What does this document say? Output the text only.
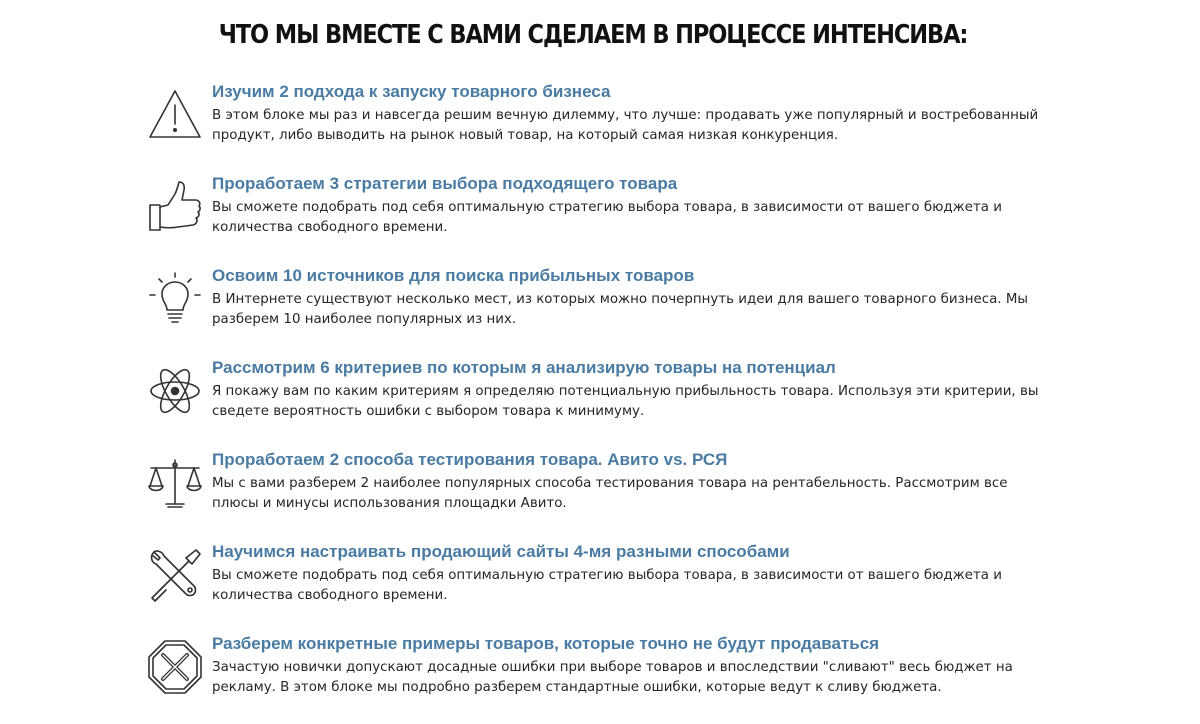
ЧТО МЫ ВМЕСТЕ С ВАМИ СДЕЛАЕМ В ПРОЦЕССЕ ИНТЕНСИВА:
Изучим 2 подхода к запуску товарного бизнеса

В этом блоке мы раз и навсегда решим вечную дилемму, что лучше: продавать уже популярный и востребованный продукт, либо выводить на рынок новый товар, на который самая низкая конкуренция.

Проработаем 3 стратегии выбора подходящего товара

Вы сможете подобрать под себя оптимальную стратегию выбора товара, в зависимости от вашего бюджета и количества свободного времени.

Освоим 10 источников для поиска прибыльных товаров

В Интернете существуют несколько мест, из которых можно почерпнуть идеи для вашего товарного бизнеса. Мы разберем 10 наиболее популярных из них.

Рассмотрим 6 критериев по которым я анализирую товары на потенциал

Я покажу вам по каким критериям я определяю потенциальную прибыльность товара. Используя эти критерии, вы сведете вероятность ошибки с выбором товара к минимуму.

Проработаем 2 способа тестирования товара. Авито vs. РСЯ

Мы с вами разберем 2 наиболее популярных способа тестирования товара на рентабельность. Рассмотрим все плюсы и минусы использования площадки Авито.

Научимся настраивать продающий сайты 4-мя разными способами

Вы сможете подобрать под себя оптимальную стратегию выбора товара, в зависимости от вашего бюджета и количества свободного времени.

Разберем конкретные примеры товаров, которые точно не будут продаваться

Зачастую новички допускают досадные ошибки при выборе товаров и впоследствии "сливают" весь бюджет на рекламу. В этом блоке мы подробно разберем стандартные ошибки, которые ведут к сливу бюджета.
